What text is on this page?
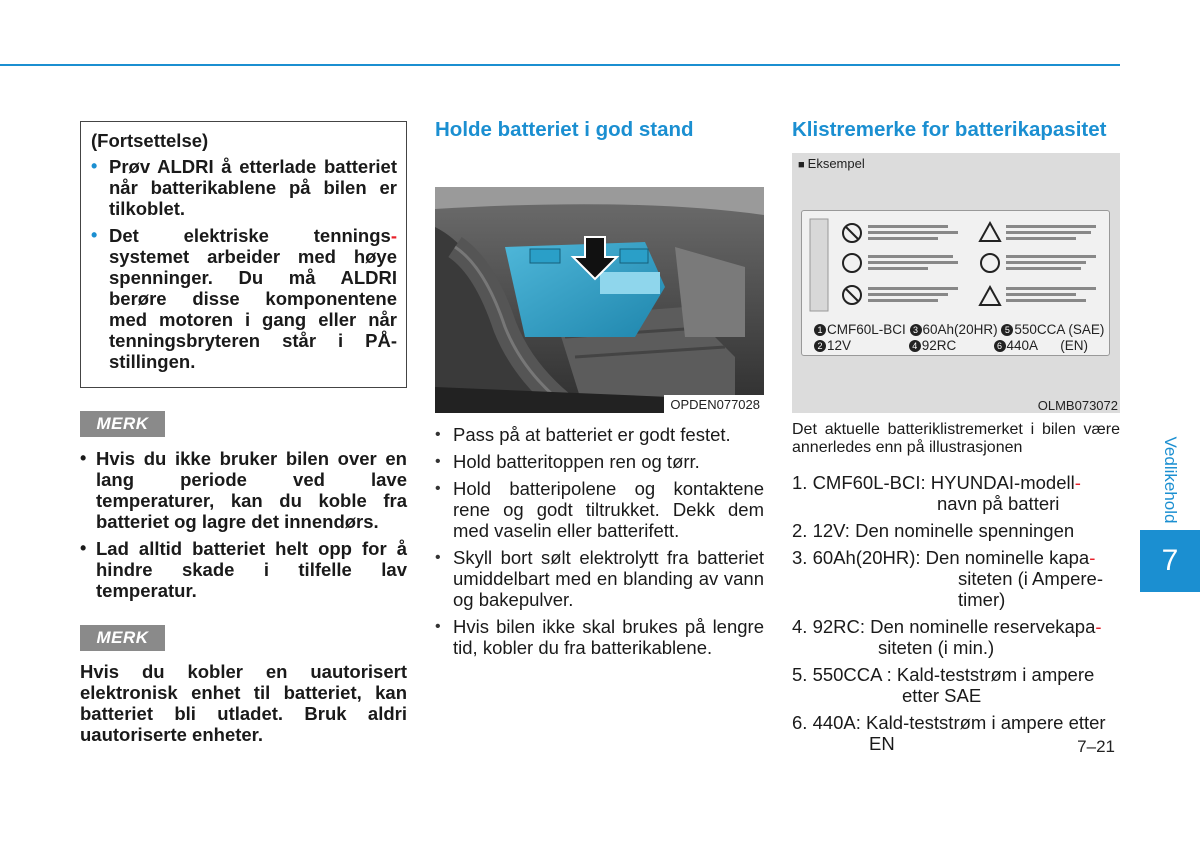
(Fortsettelse)
• Prøv ALDRI å etterlade batteriet når batterikablene på bilen er tilkoblet.
• Det elektriske tennings- systemet arbeider med høye spenninger. Du må ALDRI berøre disse komponentene med motoren i gang eller når tenningsbryteren står i PÅ-stillingen.
MERK
• Hvis du ikke bruker bilen over en lang periode ved lave temperaturer, kan du koble fra batteriet og lagre det innendørs.
• Lad alltid batteriet helt opp for å hindre skade i tilfelle lav temperatur.
MERK

Hvis du kobler en uautorisert elektronisk enhet til batteriet, kan batteriet bli utladet. Bruk aldri uautoriserte enheter.

Holde batteriet i god stand
OPDEN077028
• Pass på at batteriet er godt festet.
• Hold batteritoppen ren og tørr.
• Hold batteripolene og kontaktene rene og godt tiltrukket. Dekk dem med vaselin eller batterifett.
• Skyll bort sølt elektrolytt fra batteriet umiddelbart med en blanding av vann og bakepulver.
• Hvis bilen ikke skal brukes på lengre tid, kobler du fra batterikablene.
Klistremerke for batterikapasitet
■ Eksempel
1 CMF60L-BCI 3 60Ah(20HR) 5 550CCA (SAE)
2 12V	4 92RC	6 440A (EN)
OLMB073072

Det aktuelle batteriklistremerket i bilen være annerledes enn på illustrasjonen

1. CMF60L-BCI: HYUNDAI-modell-
navn på batteri
2. 12V: Den nominelle spenningen
3. 60Ah(20HR): Den nominelle kapa-
siteten (i Ampere-timer)
4. 92RC: Den nominelle reservekapa-
siteten (i min.)
5. 550CCA : Kald-teststrøm i ampere
etter SAE
6. 440A: Kald-teststrøm i ampere etter
EN
Vedlikehold
7
7–21
